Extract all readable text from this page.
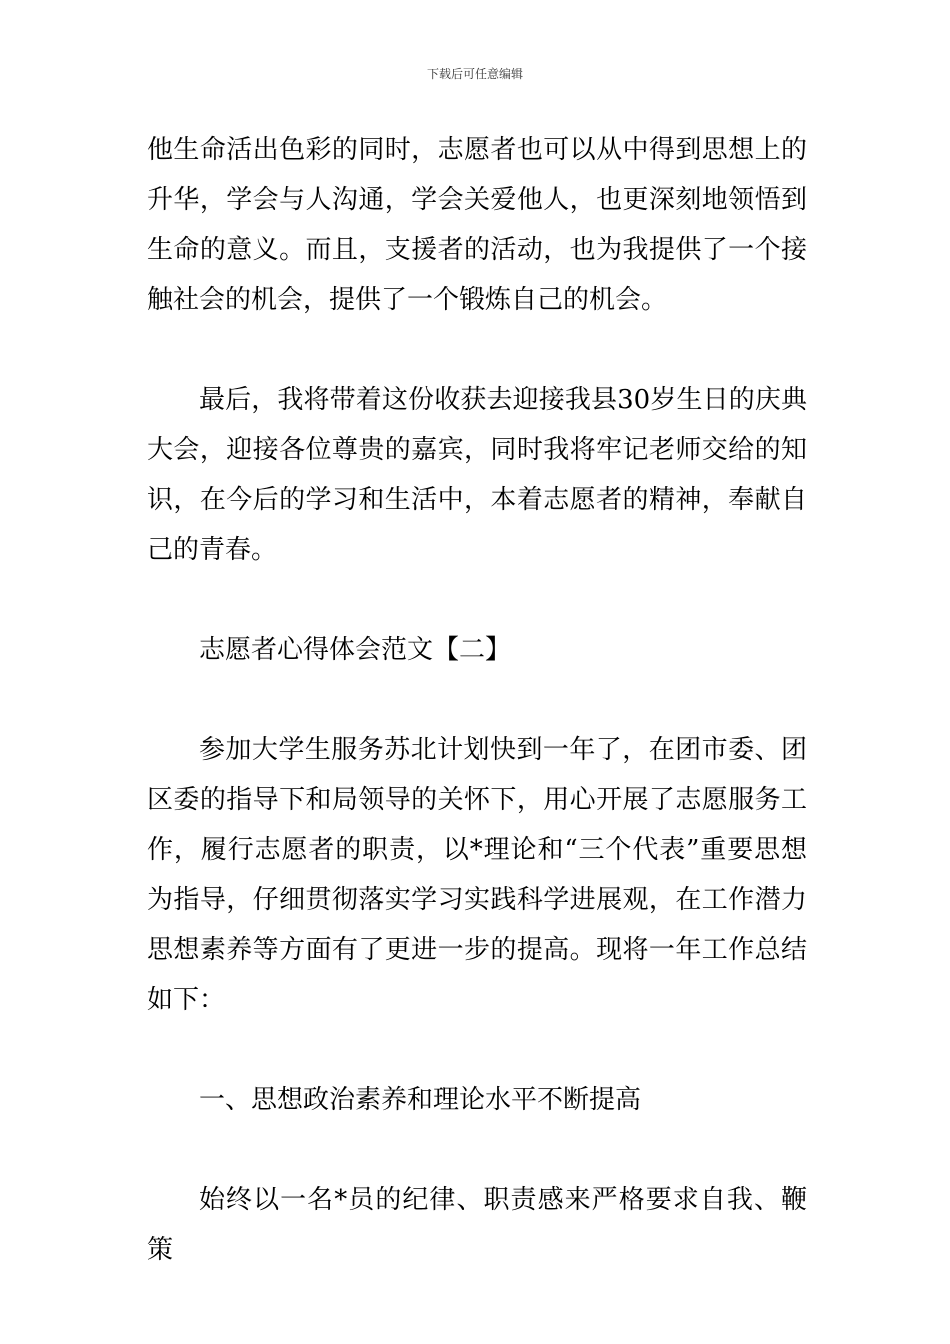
下载后可任意编辑

他生命活出色彩的同时，志愿者也可以从中得到思想上的升华，学会与人沟通，学会关爱他人，也更深刻地领悟到生命的意义。而且，支援者的活动，也为我提供了一个接触社会的机会，提供了一个锻炼自己的机会。

最后，我将带着这份收获去迎接我县30岁生日的庆典大会，迎接各位尊贵的嘉宾，同时我将牢记老师交给的知识，在今后的学习和生活中，本着志愿者的精神，奉献自己的青春。

志愿者心得体会范文【二】

参加大学生服务苏北计划快到一年了，在团市委、团区委的指导下和局领导的关怀下，用心开展了志愿服务工作，履行志愿者的职责，以*理论和“三个代表”重要思想为指导，仔细贯彻落实学习实践科学进展观，在工作潜力思想素养等方面有了更进一步的提高。现将一年工作总结如下：

一、思想政治素养和理论水平不断提高

始终以一名*员的纪律、职责感来严格要求自我、鞭策
